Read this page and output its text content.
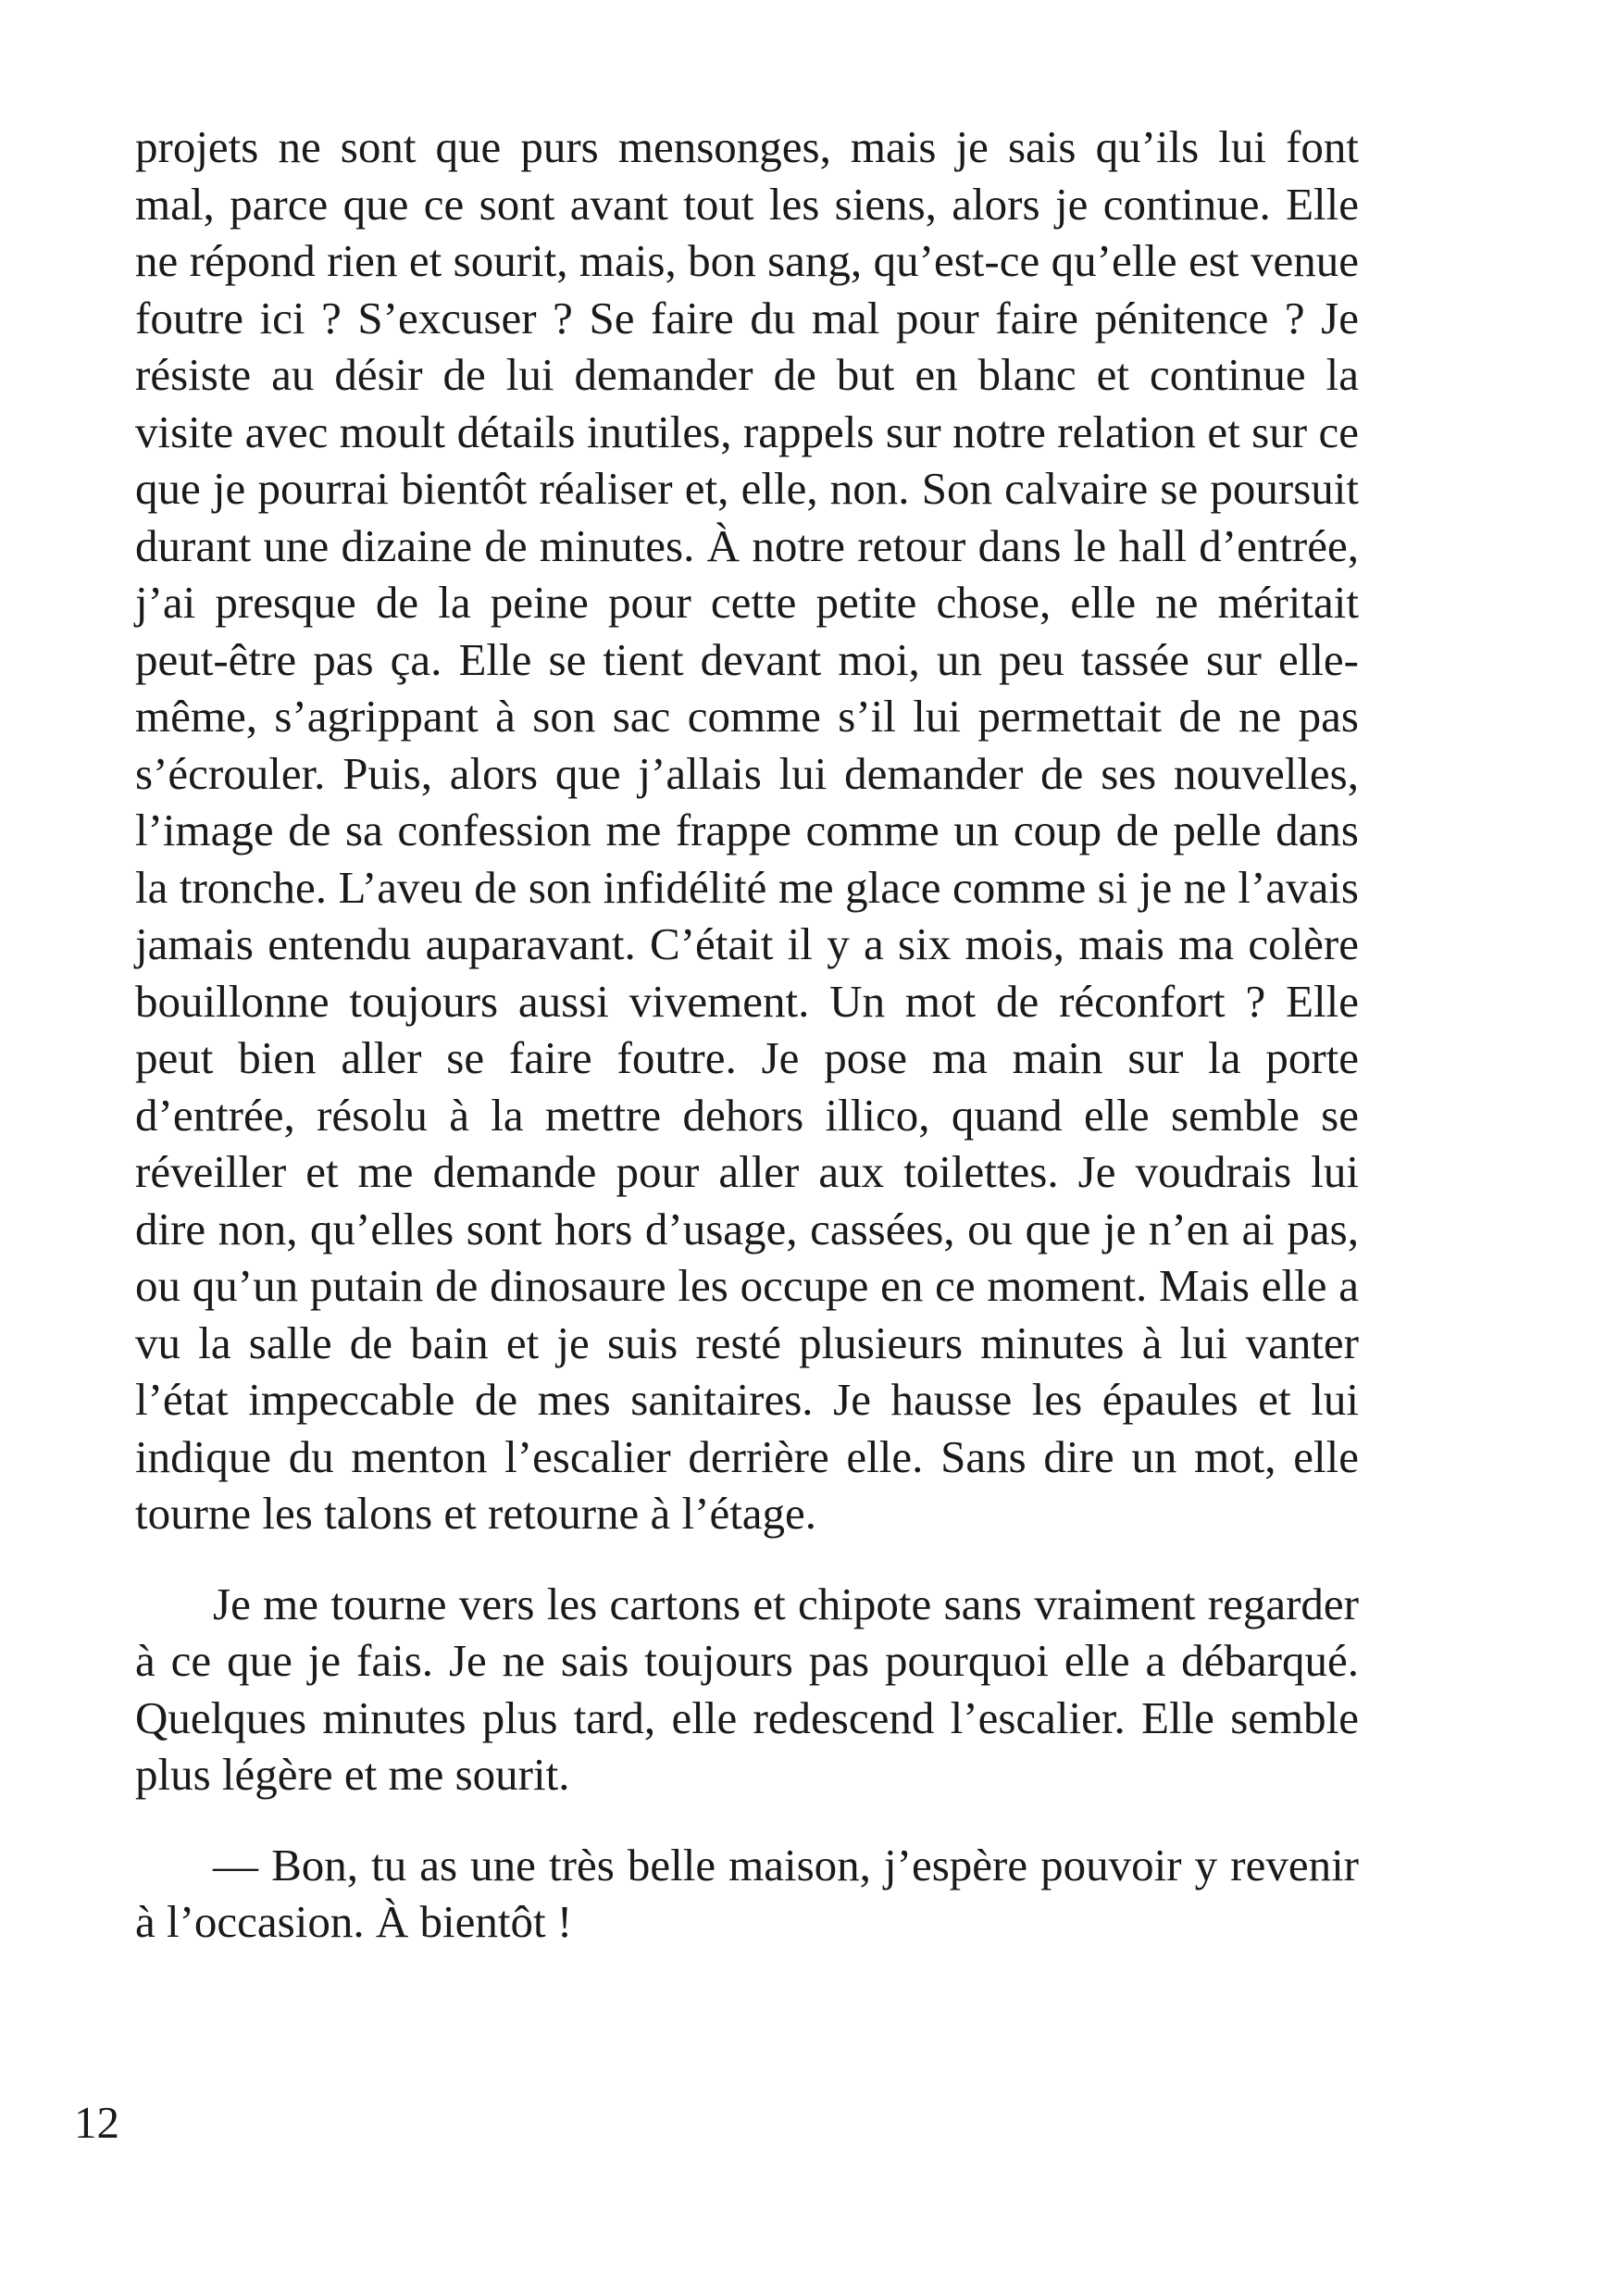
projets ne sont que purs mensonges, mais je sais qu’ils lui font mal, parce que ce sont avant tout les siens, alors je continue. Elle ne répond rien et sourit, mais, bon sang, qu’est-ce qu’elle est venue foutre ici ? S’excuser ? Se faire du mal pour faire pénitence ? Je résiste au désir de lui demander de but en blanc et continue la visite avec moult détails inutiles, rappels sur notre relation et sur ce que je pourrai bientôt réaliser et, elle, non. Son calvaire se poursuit durant une dizaine de minutes. À notre retour dans le hall d’entrée, j’ai presque de la peine pour cette petite chose, elle ne méritait peut-être pas ça. Elle se tient devant moi, un peu tassée sur elle-même, s’agrippant à son sac comme s’il lui permettait de ne pas s’écrouler. Puis, alors que j’allais lui demander de ses nouvelles, l’image de sa confession me frappe comme un coup de pelle dans la tronche. L’aveu de son infidélité me glace comme si je ne l’avais jamais entendu auparavant. C’était il y a six mois, mais ma colère bouillonne toujours aussi vivement. Un mot de réconfort ? Elle peut bien aller se faire foutre. Je pose ma main sur la porte d’entrée, résolu à la mettre dehors illico, quand elle semble se réveiller et me demande pour aller aux toilettes. Je voudrais lui dire non, qu’elles sont hors d’usage, cassées, ou que je n’en ai pas, ou qu’un putain de dinosaure les occupe en ce moment. Mais elle a vu la salle de bain et je suis resté plusieurs minutes à lui vanter l’état impeccable de mes sanitaires. Je hausse les épaules et lui indique du menton l’escalier derrière elle. Sans dire un mot, elle tourne les talons et retourne à l’étage.

Je me tourne vers les cartons et chipote sans vraiment regarder à ce que je fais. Je ne sais toujours pas pourquoi elle a débarqué. Quelques minutes plus tard, elle redescend l’escalier. Elle semble plus légère et me sourit.

— Bon, tu as une très belle maison, j’espère pouvoir y revenir à l’occasion. À bientôt !

12
